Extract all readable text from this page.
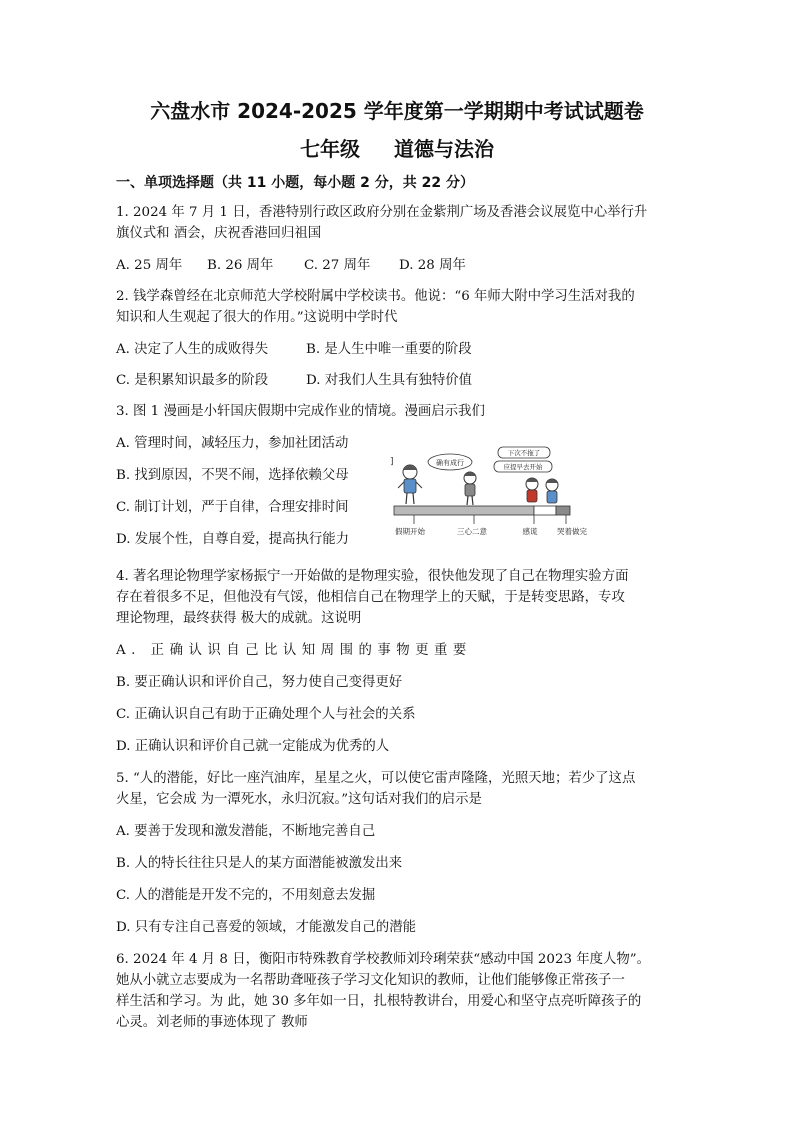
六盘水市 2024-2025 学年度第一学期期中考试试题卷
七年级 道德与法治
一、单项选择题（共 11 小题，每小题 2 分，共 22 分）
1. 2024 年 7 月 1 日，香港特别行政区政府分别在金紫荆广场及香港会议展览中心举行升
旗仪式和 酒会，庆祝香港回归祖国
A. 25 周年 B. 26 周年 C. 27 周年 D. 28 周年
2. 钱学森曾经在北京师范大学校附属中学校读书。他说：“6 年师大附中学习生活对我的
知识和人生观起了很大的作用。”这说明中学时代
A. 决定了人生的成败得失	B. 是人生中唯一重要的阶段
C. 是积累知识最多的阶段	D. 对我们人生具有独特价值
3. 图 1 漫画是小轩国庆假期中完成作业的情境。漫画启示我们
A. 管理时间，减轻压力，参加社团活动
B. 找到原因，不哭不闹，选择依赖父母
C. 制订计划，严于自律，合理安排时间
D. 发展个性，自尊自爱，提高执行能力
]	确有成行
下次不拖了
应提早去开始
假期开始	三心二意	感谎	哭着做完
4. 著名理论物理学家杨振宁一开始做的是物理实验，很快他发现了自己在物理实验方面
存在着很多不足，但他没有气馁，他相信自己在物理学上的天赋，于是转变思路，专攻
理论物理，最终获得 极大的成就。这说明
A. 正确认识自己比认知周围的事物更重要
B. 要正确认识和评价自己，努力使自己变得更好
C. 正确认识自己有助于正确处理个人与社会的关系
D. 正确认识和评价自己就一定能成为优秀的人
5. “人的潜能，好比一座汽油库，星星之火，可以使它雷声隆隆，光照天地；若少了这点
火星，它会成 为一潭死水，永归沉寂。”这句话对我们的启示是
A. 要善于发现和激发潜能，不断地完善自己
B. 人的特长往往只是人的某方面潜能被激发出来
C. 人的潜能是开发不完的，不用刻意去发掘
D. 只有专注自己喜爱的领域，才能激发自己的潜能
6. 2024 年 4 月 8 日，衡阳市特殊教育学校教师刘玲琍荣获“感动中国 2023 年度人物”。
她从小就立志要成为一名帮助聋哑孩子学习文化知识的教师，让他们能够像正常孩子一
样生活和学习。为 此，她 30 多年如一日，扎根特教讲台，用爱心和坚守点亮听障孩子的
心灵。刘老师的事迹体现了 教师
